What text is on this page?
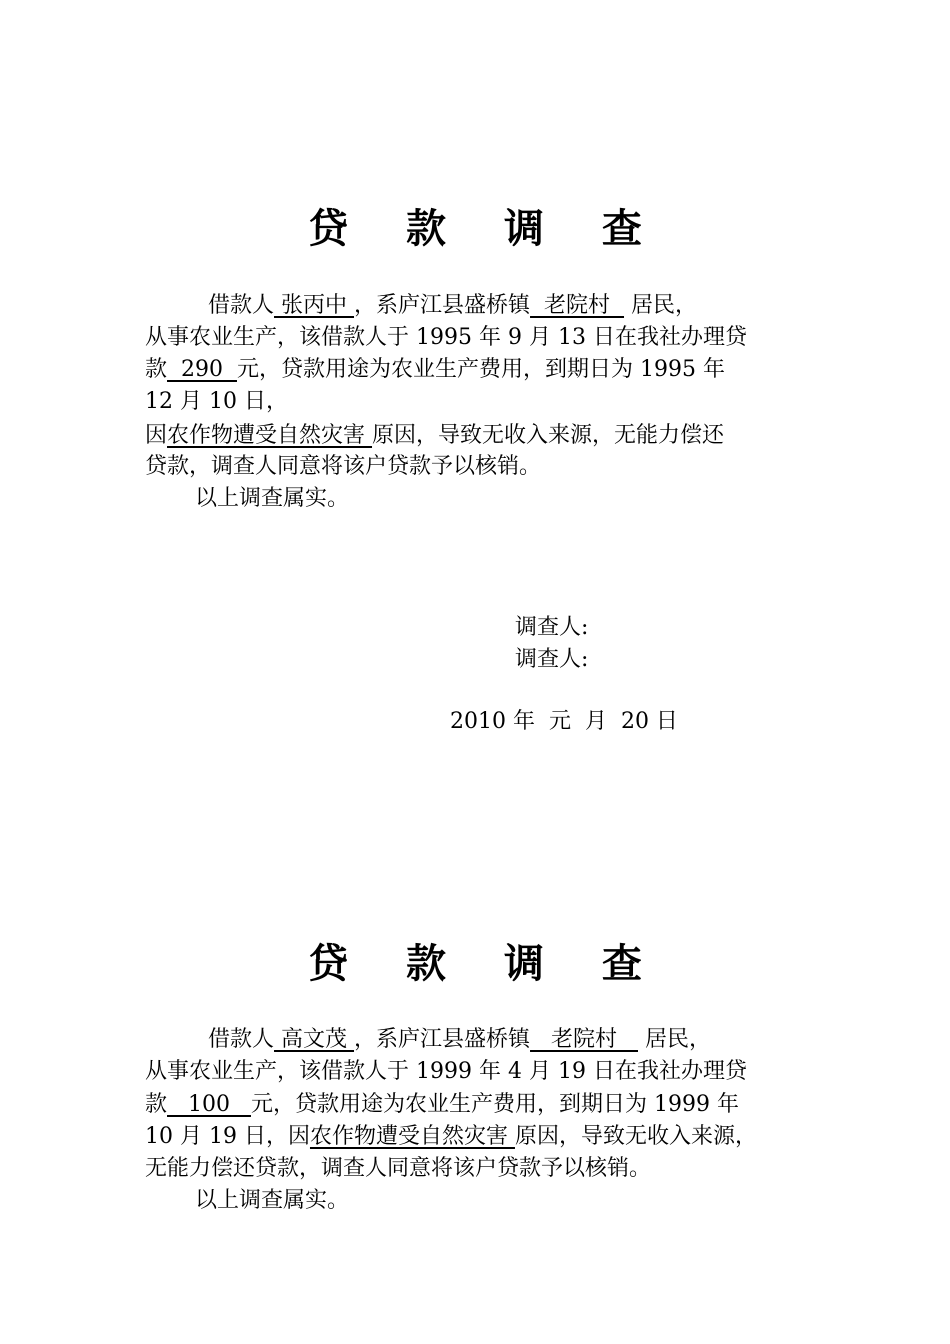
贷 款 调 查
借款人 张丙中 ，系庐江县盛桥镇  老院村   居民，
从事农业生产，该借款人于 1995 年 9 月 13 日在我社办理贷
款  290  元，贷款用途为农业生产费用，到期日为 1995 年
12 月 10 日，
因农作物遭受自然灾害 原因，导致无收入来源，无能力偿还
贷款，调查人同意将该户贷款予以核销。
以上调查属实。
调查人:
调查人:
2010 年  元  月  20 日
贷 款 调 查
借款人 高文茂 ，系庐江县盛桥镇   老院村    居民，
从事农业生产，该借款人于 1999 年 4 月 19 日在我社办理贷
款   100   元，贷款用途为农业生产费用，到期日为 1999 年
10 月 19 日，因农作物遭受自然灾害 原因，导致无收入来源，
无能力偿还贷款，调查人同意将该户贷款予以核销。
以上调查属实。
